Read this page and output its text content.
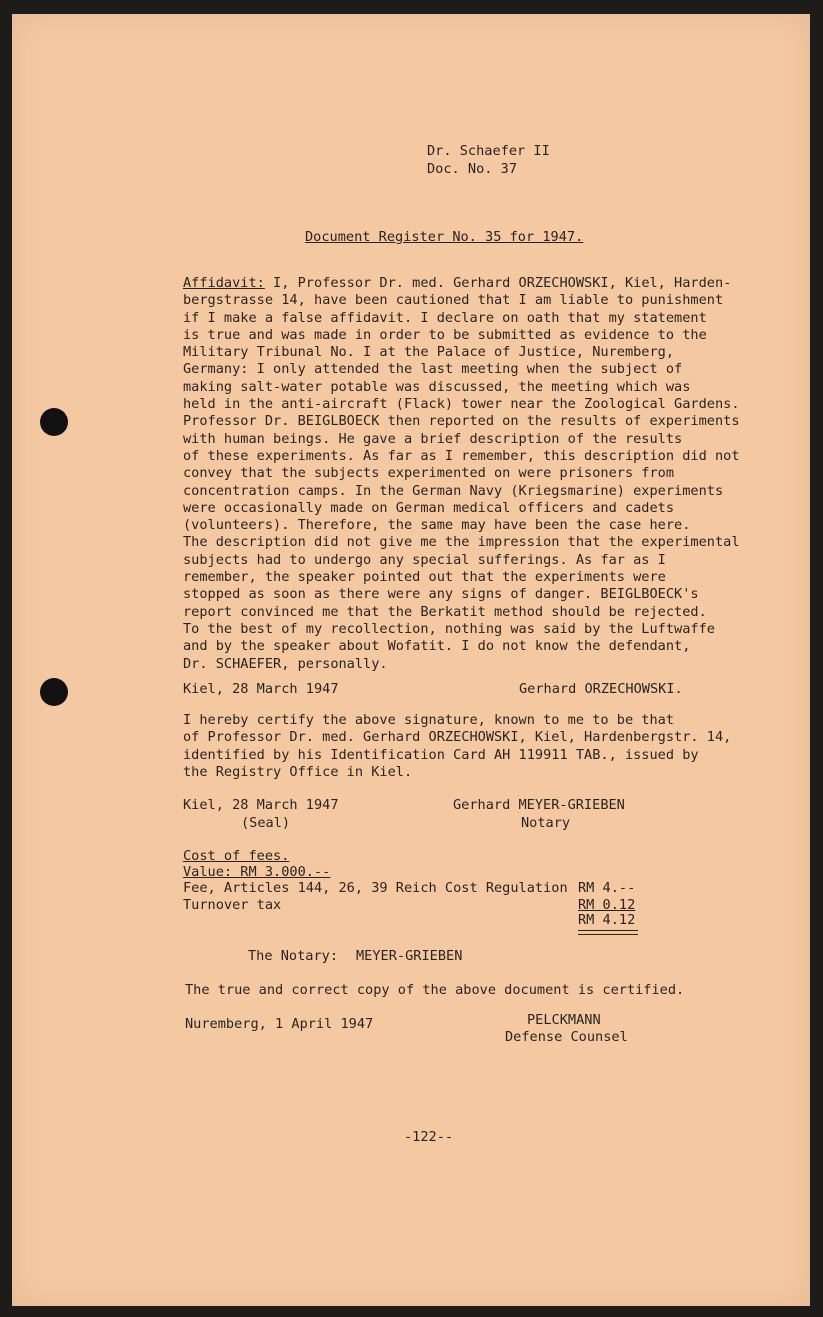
Dr. Schaefer II
Doc. No. 37
Document Register No. 35 for 1947.
Affidavit: I, Professor Dr. med. Gerhard ORZECHOWSKI, Kiel, Harden-
bergstrasse 14, have been cautioned that I am liable to punishment
if I make a false affidavit. I declare on oath that my statement
is true and was made in order to be submitted as evidence to the
Military Tribunal No. I at the Palace of Justice, Nuremberg,
Germany: I only attended the last meeting when the subject of
making salt-water potable was discussed, the meeting which was
held in the anti-aircraft (Flack) tower near the Zoological Gardens.
Professor Dr. BEIGLBOECK then reported on the results of experiments
with human beings. He gave a brief description of the results
of these experiments. As far as I remember, this description did not
convey that the subjects experimented on were prisoners from
concentration camps. In the German Navy (Kriegsmarine) experiments
were occasionally made on German medical officers and cadets
(volunteers). Therefore, the same may have been the case here.
The description did not give me the impression that the experimental
subjects had to undergo any special sufferings. As far as I
remember, the speaker pointed out that the experiments were
stopped as soon as there were any signs of danger. BEIGLBOECK's
report convinced me that the Berkatit method should be rejected.
To the best of my recollection, nothing was said by the Luftwaffe
and by the speaker about Wofatit. I do not know the defendant,
Dr. SCHAEFER, personally.
Kiel, 28 March 1947	Gerhard ORZECHOWSKI.
I hereby certify the above signature, known to me to be that
of Professor Dr. med. Gerhard ORZECHOWSKI, Kiel, Hardenbergstr. 14,
identified by his Identification Card AH 119911 TAB., issued by
the Registry Office in Kiel.
Kiel, 28 March 1947
(Seal)
Gerhard MEYER-GRIEBEN
Notary
Cost of fees.
Value: RM 3.000.--
Fee, Articles 144, 26, 39 Reich Cost Regulation RM 4.--
Turnover tax	RM 0.12
RM 4.12
The Notary: MEYER-GRIEBEN
The true and correct copy of the above document is certified.
Nuremberg, 1 April 1947	PELCKMANN
Defense Counsel
-122--
